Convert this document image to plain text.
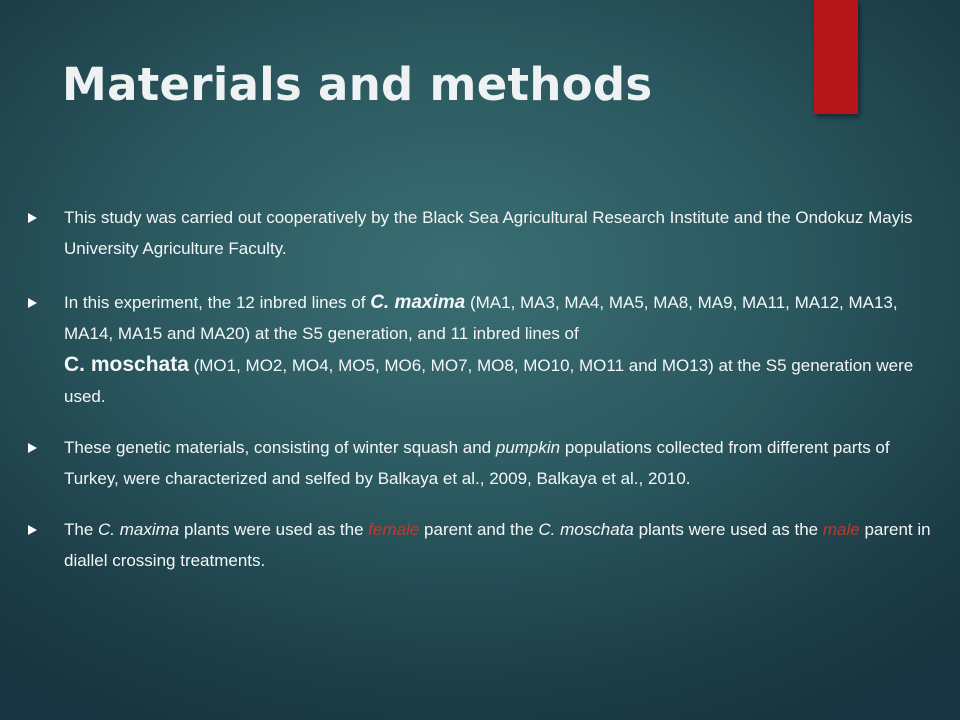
Materials and methods
This study was carried out cooperatively by the Black Sea Agricultural Research Institute and the Ondokuz Mayis University Agriculture Faculty.
In this experiment, the 12 inbred lines of C. maxima (MA1, MA3, MA4, MA5, MA8, MA9, MA11, MA12, MA13, MA14, MA15 and MA20) at the S5 generation, and 11 inbred lines of
C. moschata (MO1, MO2, MO4, MO5, MO6, MO7, MO8, MO10, MO11 and MO13) at the S5 generation were used.
These genetic materials, consisting of winter squash and pumpkin populations collected from different parts of Turkey, were characterized and selfed by Balkaya et al., 2009, Balkaya et al., 2010.
The C. maxima plants were used as the female parent and the C. moschata plants were used as the male parent in diallel crossing treatments.
